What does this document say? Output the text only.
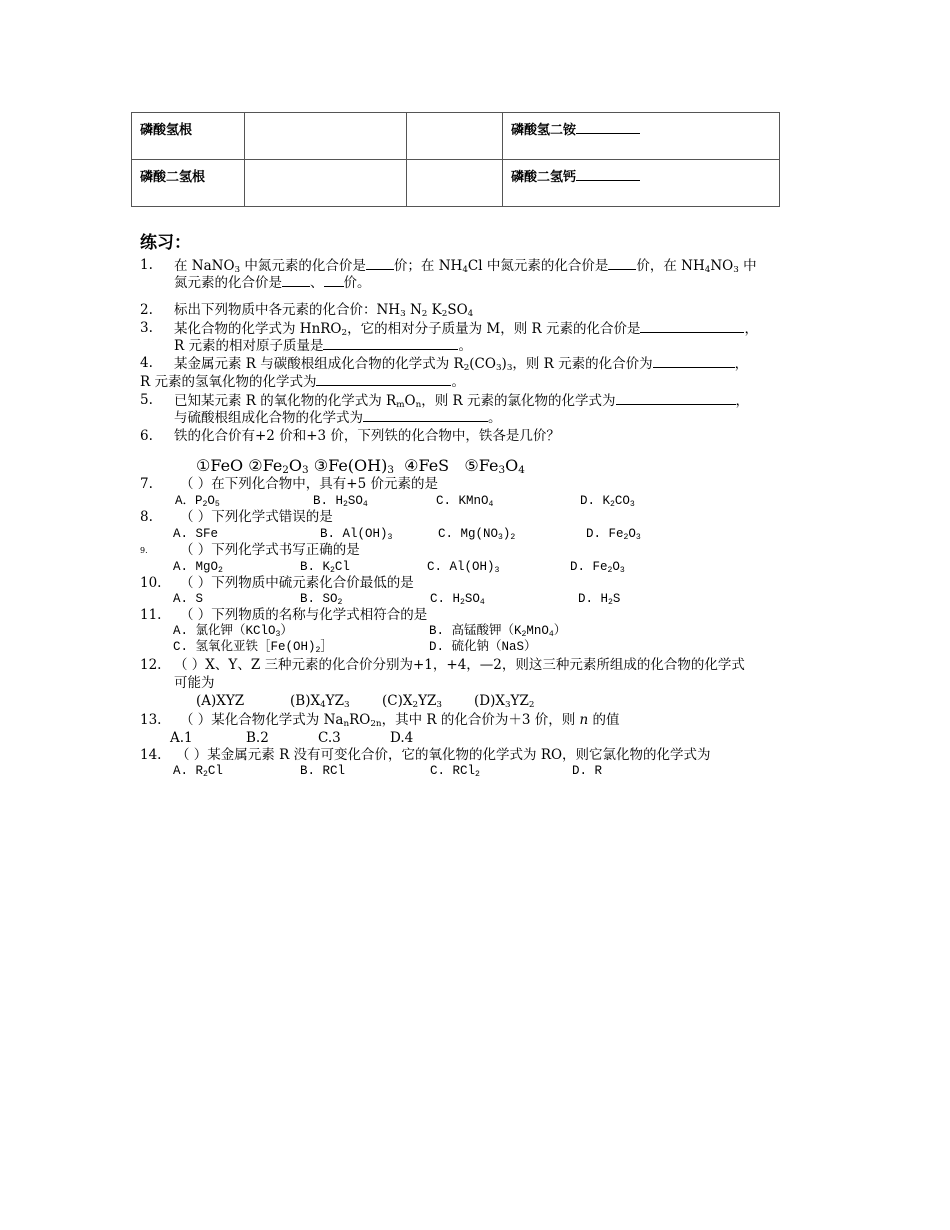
磷酸氢根			磷酸氢二铵
磷酸二氢根			磷酸二氢钙
练习：
1. 在 NaNO$_3$ 中氮元素的化合价是 价；在 $NH_4Cl$ 中氮元素的化合价是 价，在 $NH_4NO_3$ 中
氮元素的化合价是 、 价。
2. 标出下列物质中各元素的化合价：$NH_3$ $N_2$ $K_2SO_4$
3. 某化合物的化学式为 HnRO$_2$，它的相对分子质量为 M，则 R 元素的化合价是	，
R 元素的相对原子质量是	。
4. 某金属元素 R 与碳酸根组成化合物的化学式为 $R_2(CO_3)_3$，则 R 元素的化合价为	，
R 元素的氢氧化物的化学式为	。
5. 已知某元素 R 的氧化物的化学式为 $R_mO_n$，则 R 元素的氯化物的化学式为	，
与硫酸根组成化合物的化学式为	。
6. 铁的化合价有+2 价和+3 价，下列铁的化合物中，铁各是几价？
①FeO $②Fe_2O_3$ $③Fe(OH)_3$  ④FeS   $⑤Fe_3O_4$
7. （ ）在下列化合物中，具有+5 价元素的是
A．$P_2O_5$	B. $H_2SO_4$	C. KMnO$_4$	D. $K_2CO_3$
8. （ ）下列化学式错误的是
A. SFe	B. $Al(OH)_3$	C. $Mg(NO_3)_2$	D. $Fe_2O_3$
9. （ ）下列化学式书写正确的是
A. MgO$_2$	B. $K_2Cl$	C. $Al(OH)_3$	D. $Fe_2O_3$
10. （ ）下列物质中硫元素化合价最低的是
A. S	B. $SO_2$	C. $H_2SO_4$	D. $H_2S$
11. （ ）下列物质的名称与化学式相符合的是
A. 氯化钾（KClO$_3$）	B. 高锰酸钾$(K_2MnO_4)$
C. 氢氧化亚铁$[Fe(OH)_2]$	D. 硫化钠（NaS）
12. （ ）X、Y、Z 三种元素的化合价分别为+1，+4，—2，则这三种元素所组成的化合物的化学式
可能为
(A)XYZ	$(B)X_4YZ_3$ $(C)X_2YZ_3$ $(D)X_3YZ_2$
13. （ ）某化合物化学式为 $Na_nRO_{2n}$，其中 R 的化合价为＋3 价，则 n 的值
A.1	B.2	C.3	D.4
14. （ ）某金属元素 R 没有可变化合价，它的氧化物的化学式为 RO，则它氯化物的化学式为
A. $R_2Cl$	B. RCl	C. RCl$_2$	D. R
